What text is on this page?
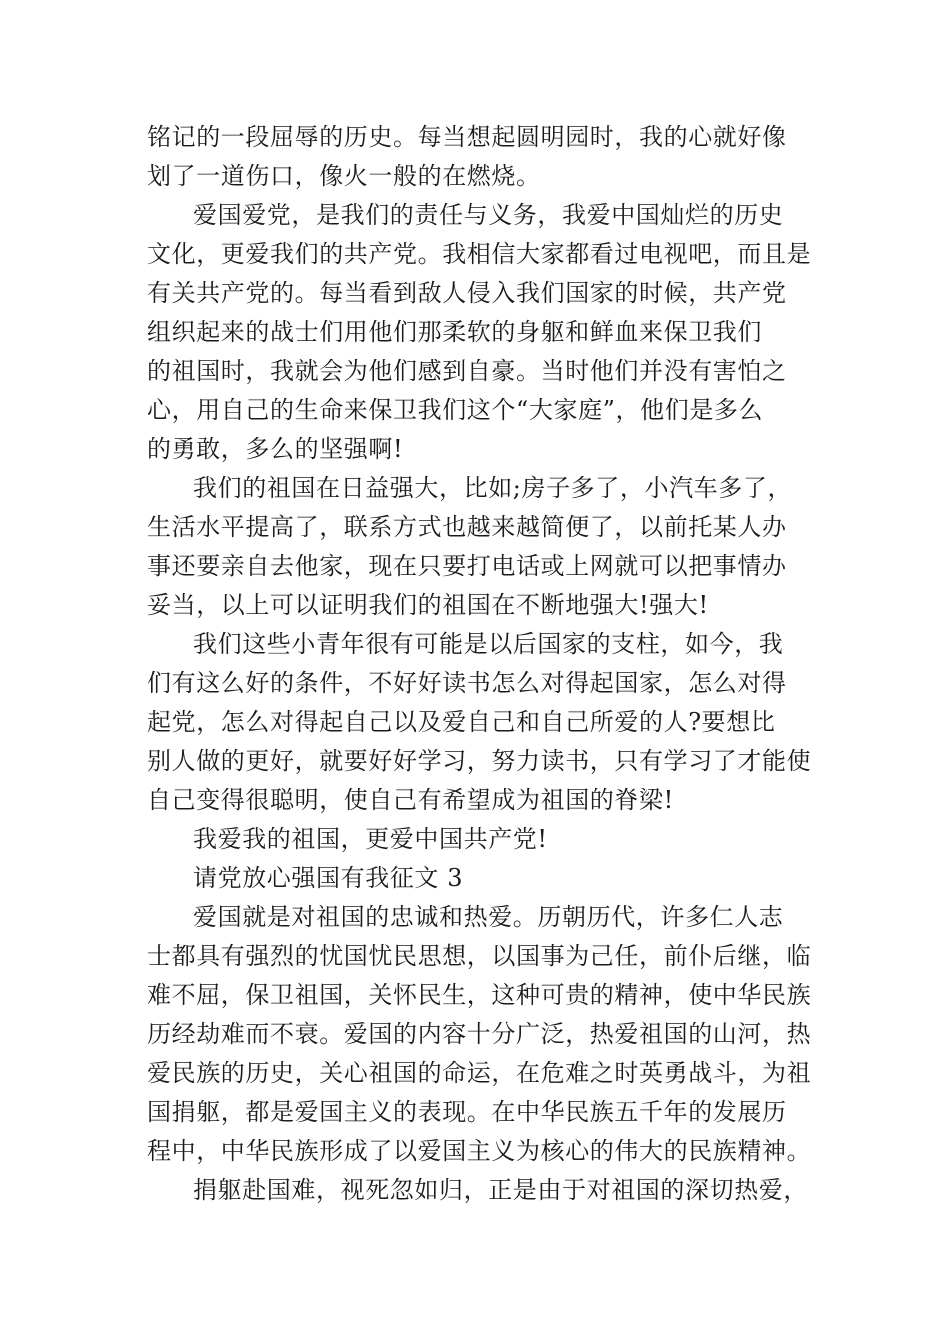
铭记的一段屈辱的历史。每当想起圆明园时，我的心就好像
划了一道伤口，像火一般的在燃烧。
爱国爱党，是我们的责任与义务，我爱中国灿烂的历史
文化，更爱我们的共产党。我相信大家都看过电视吧，而且是
有关共产党的。每当看到敌人侵入我们国家的时候，共产党
组织起来的战士们用他们那柔软的身躯和鲜血来保卫我们
的祖国时，我就会为他们感到自豪。当时他们并没有害怕之
心，用自己的生命来保卫我们这个“大家庭”，他们是多么
的勇敢，多么的坚强啊!
我们的祖国在日益强大，比如;房子多了，小汽车多了，
生活水平提高了，联系方式也越来越简便了，以前托某人办
事还要亲自去他家，现在只要打电话或上网就可以把事情办
妥当，以上可以证明我们的祖国在不断地强大!强大!
我们这些小青年很有可能是以后国家的支柱，如今，我
们有这么好的条件，不好好读书怎么对得起国家，怎么对得
起党，怎么对得起自己以及爱自己和自己所爱的人?要想比
别人做的更好，就要好好学习，努力读书，只有学习了才能使
自己变得很聪明，使自己有希望成为祖国的脊梁!
我爱我的祖国，更爱中国共产党!
请党放心强国有我征文 3
爱国就是对祖国的忠诚和热爱。历朝历代，许多仁人志
士都具有强烈的忧国忧民思想，以国事为己任，前仆后继，临
难不屈，保卫祖国，关怀民生，这种可贵的精神，使中华民族
历经劫难而不衰。爱国的内容十分广泛，热爱祖国的山河，热
爱民族的历史，关心祖国的命运，在危难之时英勇战斗，为祖
国捐躯，都是爱国主义的表现。在中华民族五千年的发展历
程中，中华民族形成了以爱国主义为核心的伟大的民族精神。
捐躯赴国难，视死忽如归，正是由于对祖国的深切热爱，
